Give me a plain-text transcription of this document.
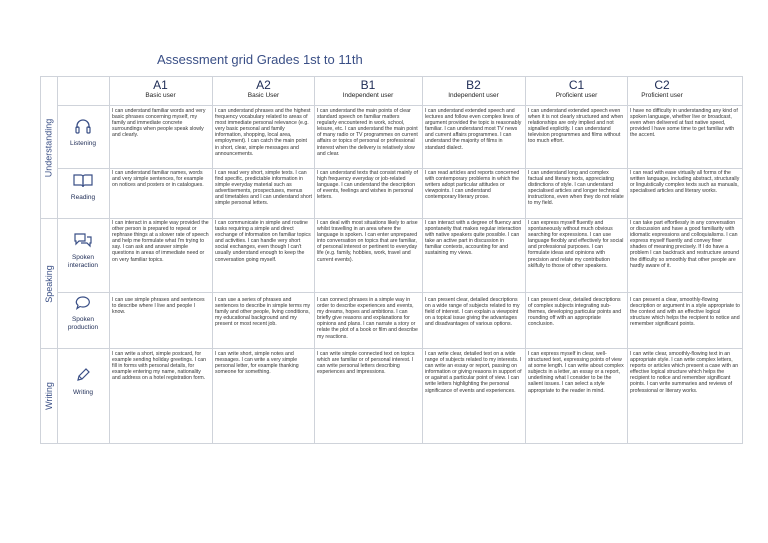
Assessment grid Grades 1st to 11th
A1
Basic user
A2
Basic User
B1
Independent user
B2
Independent user
C1
Proficient user
C2
Proficient user
Understanding
Speaking
Writing
Listening
Reading
Spoken interaction
Spoken production
Writing
I can understand familiar words and very basic phrases concerning myself, my family and immediate concrete surroundings when people speak slowly and clearly.
I can understand phrases and the highest frequency vocabulary related to areas of most immediate personal relevance (e.g. very basic personal and family information, shopping, local area, employment). I can catch the main point in short, clear, simple messages and announcements.
I can understand the main points of clear standard speech on familiar matters regularly encountered in work, school, leisure, etc. I can understand the main point of many radio or TV programmes on current affairs or topics of personal or professional interest when the delivery is relatively slow and clear.
I can understand extended speech and lectures and follow even complex lines of argument provided the topic is reasonably familiar. I can understand most TV news and current affairs programmes. I can understand the majority of films in standard dialect.
I can understand extended speech even when it is not clearly structured and when relationships are only implied and not signalled explicitly. I can understand television programmes and films without too much effort.
I have no difficulty in understanding any kind of spoken language, whether live or broadcast, even when delivered at fast native speed, provided I have some time to get familiar with the accent.
I can understand familiar names, words and very simple sentences, for example on notices and posters or in catalogues.
I can read very short, simple texts. I can find specific, predictable information in simple everyday material such as advertisements, prospectuses, menus and timetables and I can understand short simple personal letters.
I can understand texts that consist mainly of high frequency everyday or job-related language. I can understand the description of events, feelings and wishes in personal letters.
I can read articles and reports concerned with contemporary problems in which the writers adopt particular attitudes or viewpoints. I can understand contemporary literary prose.
I can understand long and complex factual and literary texts, appreciating distinctions of style. I can understand specialised articles and longer technical instructions, even when they do not relate to my field.
I can read with ease virtually all forms of the written language, including abstract, structurally or linguistically complex texts such as manuals, specialised articles and literary works.
I can interact in a simple way provided the other person is prepared to repeat or rephrase things at a slower rate of speech and help me formulate what I'm trying to say. I can ask and answer simple questions in areas of immediate need or on very familiar topics.
I can communicate in simple and routine tasks requiring a simple and direct exchange of information on familiar topics and activities. I can handle very short social exchanges, even though I can't usually understand enough to keep the conversation going myself.
I can deal with most situations likely to arise whilst travelling in an area where the language is spoken. I can enter unprepared into conversation on topics that are familiar, of personal interest or pertinent to everyday life (e.g. family, hobbies, work, travel and current events).
I can interact with a degree of fluency and spontaneity that makes regular interaction with native speakers quite possible. I can take an active part in discussion in familiar contexts, accounting for and sustaining my views.
I can express myself fluently and spontaneously without much obvious searching for expressions. I can use language flexibly and effectively for social and professional purposes. I can formulate ideas and opinions with precision and relate my contribution skilfully to those of other speakers.
I can take part effortlessly in any conversation or discussion and have a good familiarity with idiomatic expressions and colloquialisms. I can express myself fluently and convey finer shades of meaning precisely. If I do have a problem I can backtrack and restructure around the difficulty so smoothly that other people are hardly aware of it.
I can use simple phrases and sentences to describe where I live and people I know.
I can use a series of phrases and sentences to describe in simple terms my family and other people, living conditions, my educational background and my present or most recent job.
I can connect phrases in a simple way in order to describe experiences and events, my dreams, hopes and ambitions. I can briefly give reasons and explanations for opinions and plans. I can narrate a story or relate the plot of a book or film and describe my reactions.
I can present clear, detailed descriptions on a wide range of subjects related to my field of interest. I can explain a viewpoint on a topical issue giving the advantages and disadvantages of various options.
I can present clear, detailed descriptions of complex subjects integrating sub-themes, developing particular points and rounding off with an appropriate conclusion.
I can present a clear, smoothly-flowing description or argument in a style appropriate to the context and with an effective logical structure which helps the recipient to notice and remember significant points.
I can write a short, simple postcard, for example sending holiday greetings. I can fill in forms with personal details, for example entering my name, nationality and address on a hotel registration form.
I can write short, simple notes and messages. I can write a very simple personal letter, for example thanking someone for something.
I can write simple connected text on topics which are familiar or of personal interest. I can write personal letters describing experiences and impressions.
I can write clear, detailed text on a wide range of subjects related to my interests. I can write an essay or report, passing on information or giving reasons in support of or against a particular point of view. I can write letters highlighting the personal significance of events and experiences.
I can express myself in clear, well-structured text, expressing points of view at some length. I can write about complex subjects in a letter, an essay or a report, underlining what I consider to be the salient issues. I can select a style appropriate to the reader in mind.
I can write clear, smoothly-flowing text in an appropriate style. I can write complex letters, reports or articles which present a case with an effective logical structure which helps the recipient to notice and remember significant points. I can write summaries and reviews of professional or literary works.
